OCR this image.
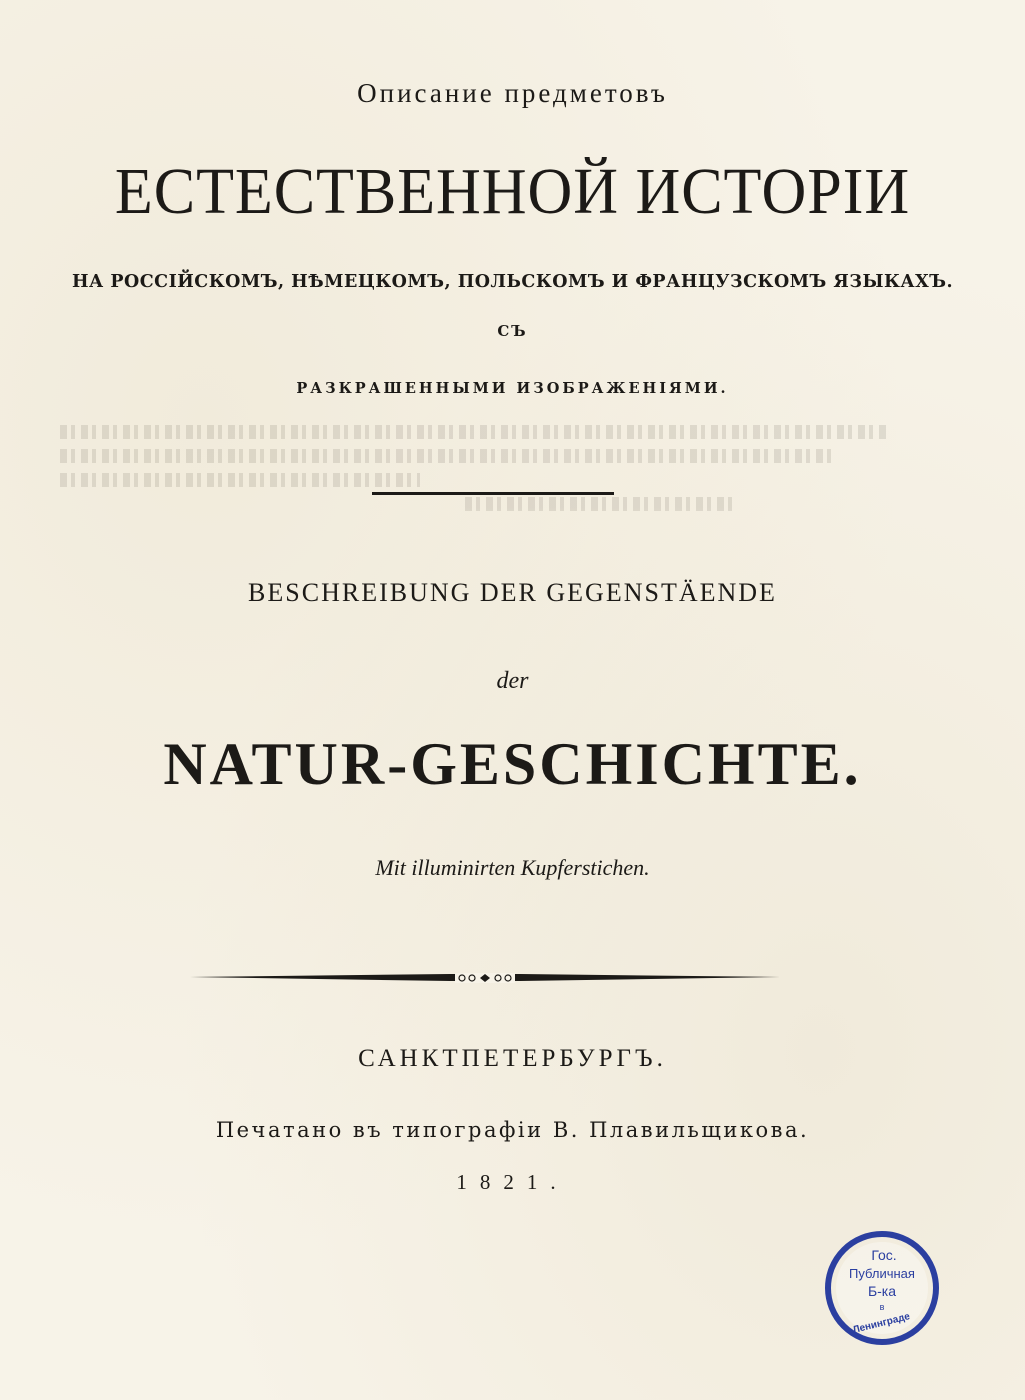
Описание предметовъ
ЕСТЕСТВЕННОЙ ИСТОРІИ
НА РОССІЙСКОМЪ, НѢМЕЦКОМЪ, ПОЛЬСКОМЪ И ФРАНЦУЗСКОМЪ ЯЗЫКАХЪ.
СЪ
РАЗКРАШЕННЫМИ ИЗОБРАЖЕНІЯМИ.
BESCHREIBUNG DER GEGENSTÄENDE
der
NATUR-GESCHICHTE.
Mit illuminirten Kupferstichen.
САНКТПЕТЕРБУРГЪ.
Печатано въ типографіи В. Плавильщикова.
1821.
Гос.
Публичная
Б-ка
в
Ленинграде
